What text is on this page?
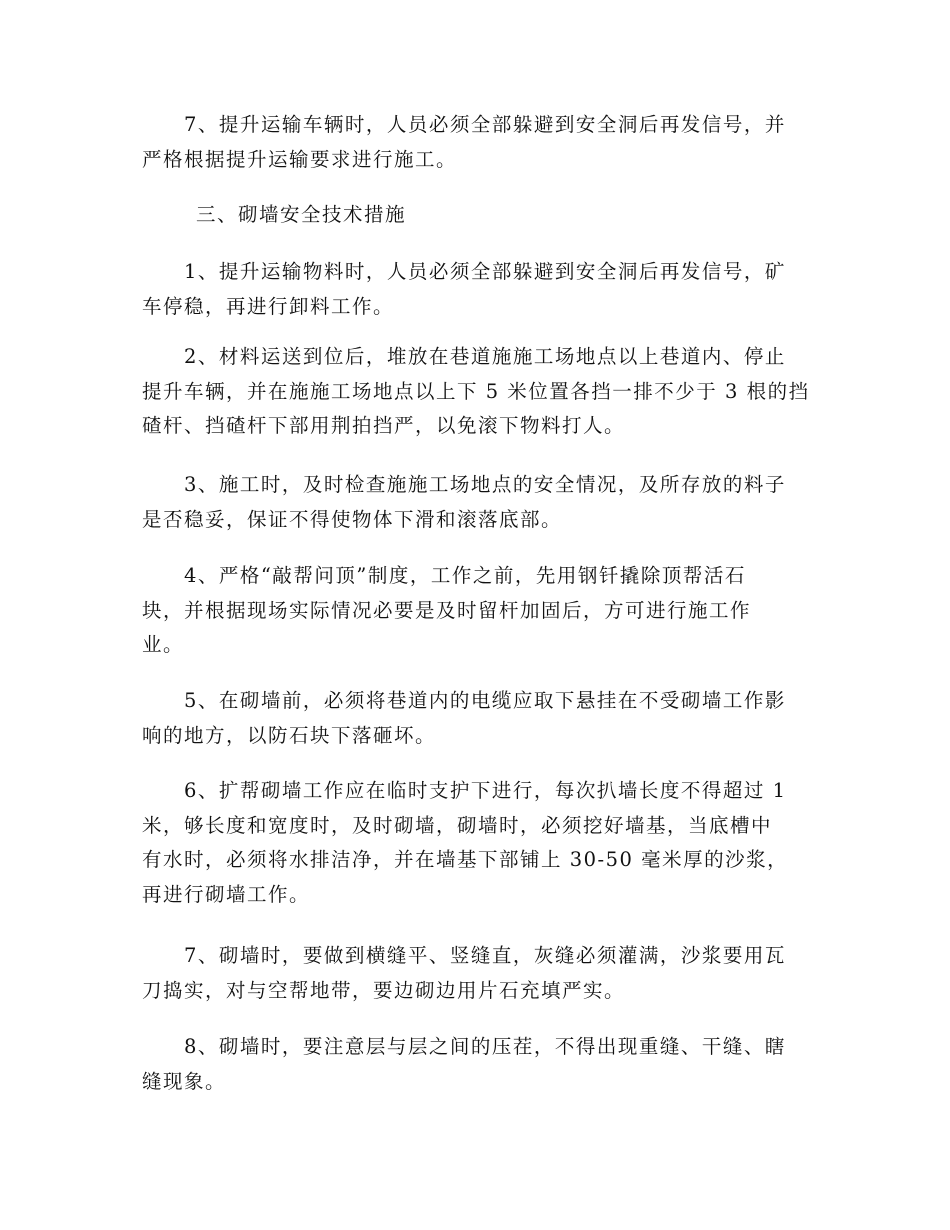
7、提升运输车辆时，人员必须全部躲避到安全洞后再发信号，并
严格根据提升运输要求进行施工。

三、砌墙安全技术措施

1、提升运输物料时，人员必须全部躲避到安全洞后再发信号，矿
车停稳，再进行卸料工作。

2、材料运送到位后，堆放在巷道施施工场地点以上巷道内、停止
提升车辆，并在施施工场地点以上下 5 米位置各挡一排不少于 3 根的挡
碴杆、挡碴杆下部用荆拍挡严，以免滚下物料打人。

3、施工时，及时检查施施工场地点的安全情况，及所存放的料子
是否稳妥，保证不得使物体下滑和滚落底部。

4、严格“敲帮问顶”制度，工作之前，先用钢钎撬除顶帮活石
块，并根据现场实际情况必要是及时留杆加固后，方可进行施工作
业。

5、在砌墙前，必须将巷道内的电缆应取下悬挂在不受砌墙工作影
响的地方，以防石块下落砸坏。

6、扩帮砌墙工作应在临时支护下进行，每次扒墙长度不得超过 1
米，够长度和宽度时，及时砌墙，砌墙时，必须挖好墙基，当底槽中
有水时，必须将水排洁净，并在墙基下部铺上 30-50 毫米厚的沙浆，
再进行砌墙工作。

7、砌墙时，要做到横缝平、竖缝直，灰缝必须灌满，沙浆要用瓦
刀捣实，对与空帮地带，要边砌边用片石充填严实。

8、砌墙时，要注意层与层之间的压茬，不得出现重缝、干缝、瞎
缝现象。
